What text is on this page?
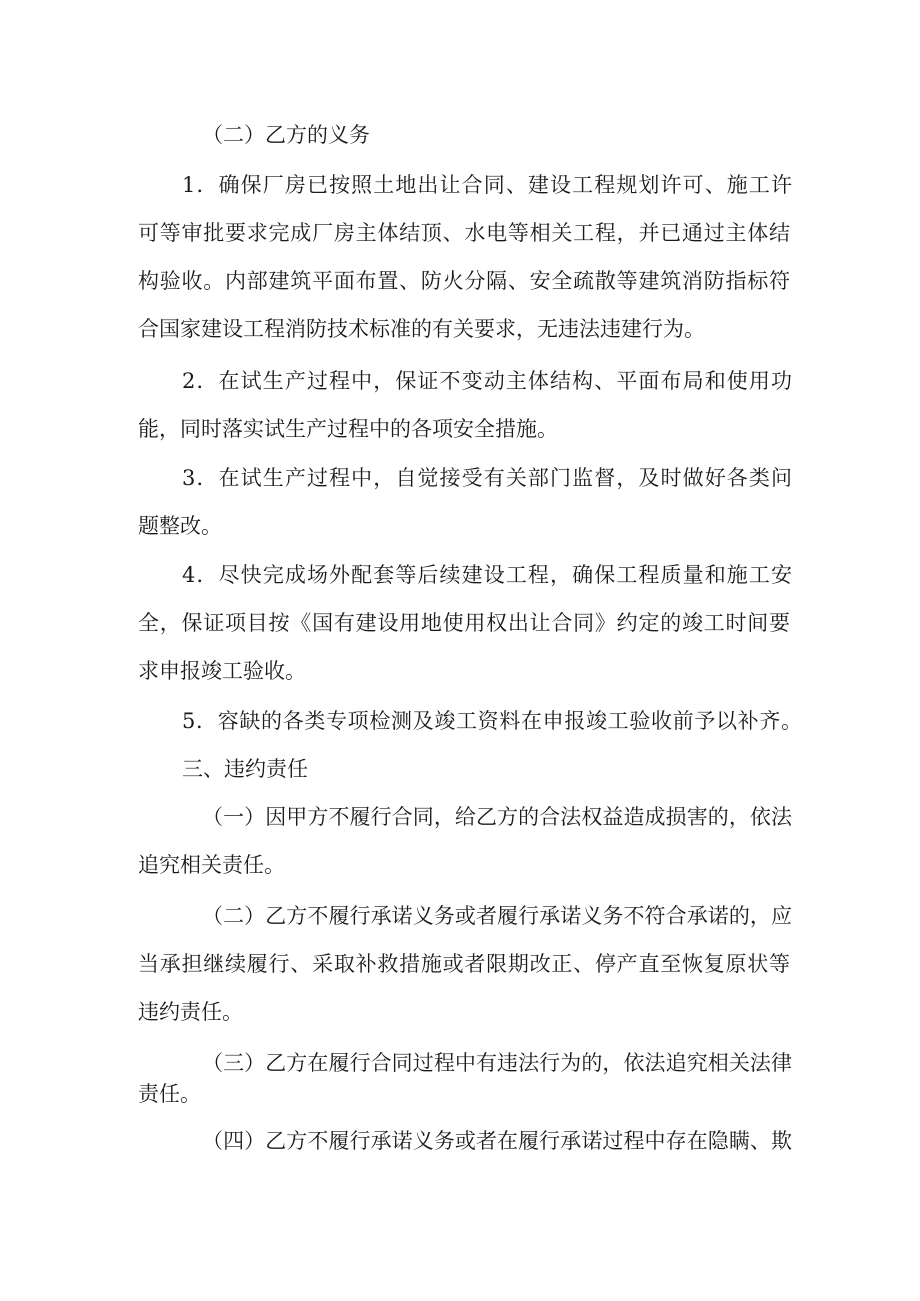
（二）乙方的义务
1．确保厂房已按照土地出让合同、建设工程规划许可、施工许
可等审批要求完成厂房主体结顶、水电等相关工程，并已通过主体结
构验收。内部建筑平面布置、防火分隔、安全疏散等建筑消防指标符
合国家建设工程消防技术标准的有关要求，无违法违建行为。
2．在试生产过程中，保证不变动主体结构、平面布局和使用功
能，同时落实试生产过程中的各项安全措施。
3．在试生产过程中，自觉接受有关部门监督，及时做好各类问
题整改。
4．尽快完成场外配套等后续建设工程，确保工程质量和施工安
全，保证项目按《国有建设用地使用权出让合同》约定的竣工时间要
求申报竣工验收。
5．容缺的各类专项检测及竣工资料在申报竣工验收前予以补齐。
三、违约责任
（一）因甲方不履行合同，给乙方的合法权益造成损害的，依法
追究相关责任。
（二）乙方不履行承诺义务或者履行承诺义务不符合承诺的，应
当承担继续履行、采取补救措施或者限期改正、停产直至恢复原状等
违约责任。
（三）乙方在履行合同过程中有违法行为的，依法追究相关法律
责任。
（四）乙方不履行承诺义务或者在履行承诺过程中存在隐瞒、欺
